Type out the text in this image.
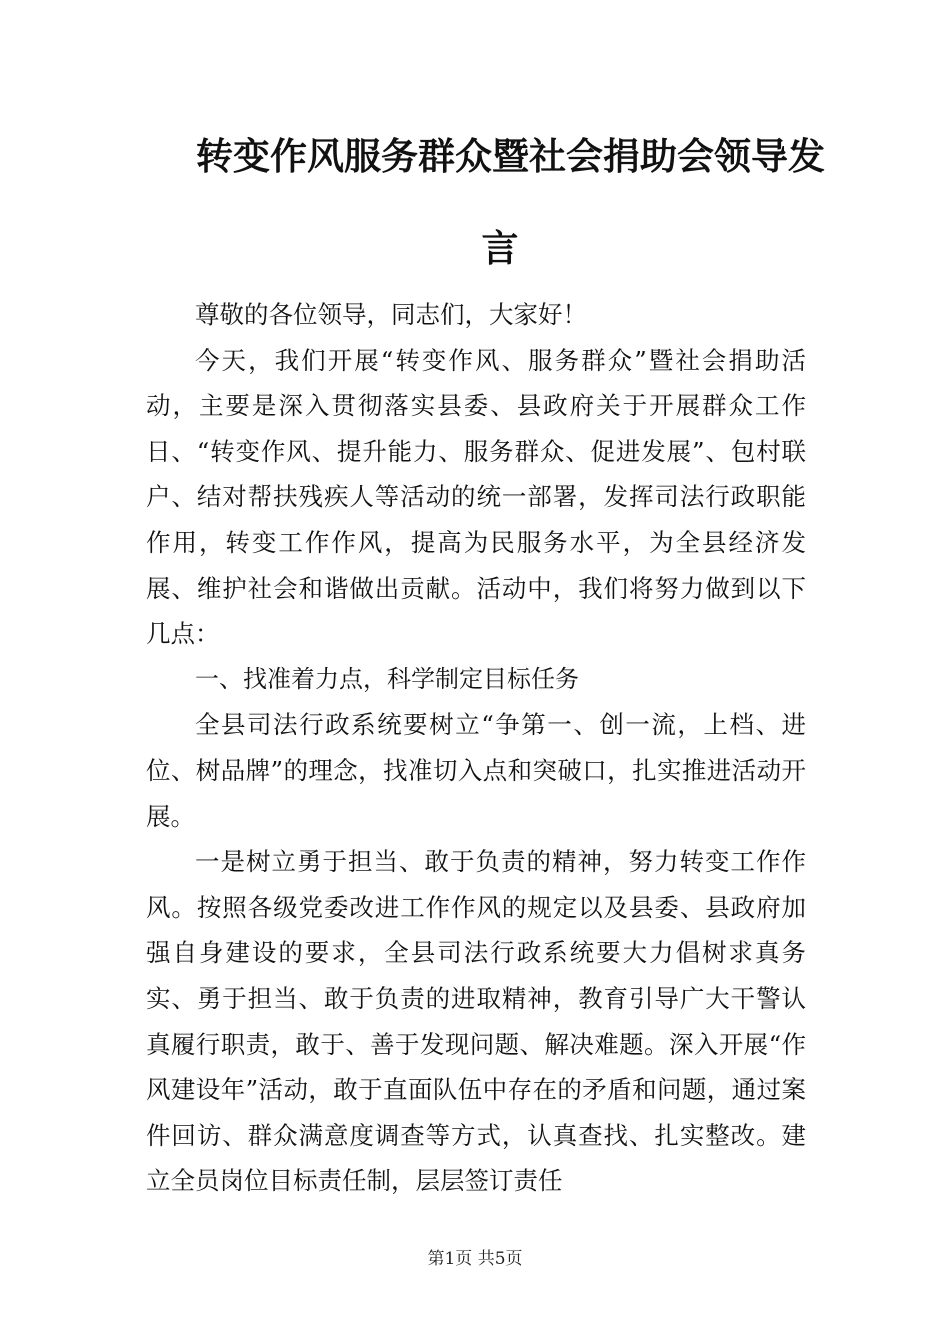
转变作风服务群众暨社会捐助会领导发
言

尊敬的各位领导，同志们，大家好！

今天，我们开展“转变作风、服务群众”暨社会捐助活动，主要是深入贯彻落实县委、县政府关于开展群众工作日、“转变作风、提升能力、服务群众、促进发展”、包村联户、结对帮扶残疾人等活动的统一部署，发挥司法行政职能作用，转变工作作风，提高为民服务水平，为全县经济发展、维护社会和谐做出贡献。活动中，我们将努力做到以下几点：

一、找准着力点，科学制定目标任务

全县司法行政系统要树立“争第一、创一流，上档、进位、树品牌”的理念，找准切入点和突破口，扎实推进活动开展。

一是树立勇于担当、敢于负责的精神，努力转变工作作风。按照各级党委改进工作作风的规定以及县委、县政府加强自身建设的要求，全县司法行政系统要大力倡树求真务实、勇于担当、敢于负责的进取精神，教育引导广大干警认真履行职责，敢于、善于发现问题、解决难题。深入开展“作风建设年”活动，敢于直面队伍中存在的矛盾和问题，通过案件回访、群众满意度调查等方式，认真查找、扎实整改。建立全员岗位目标责任制，层层签订责任

第1页 共5页
